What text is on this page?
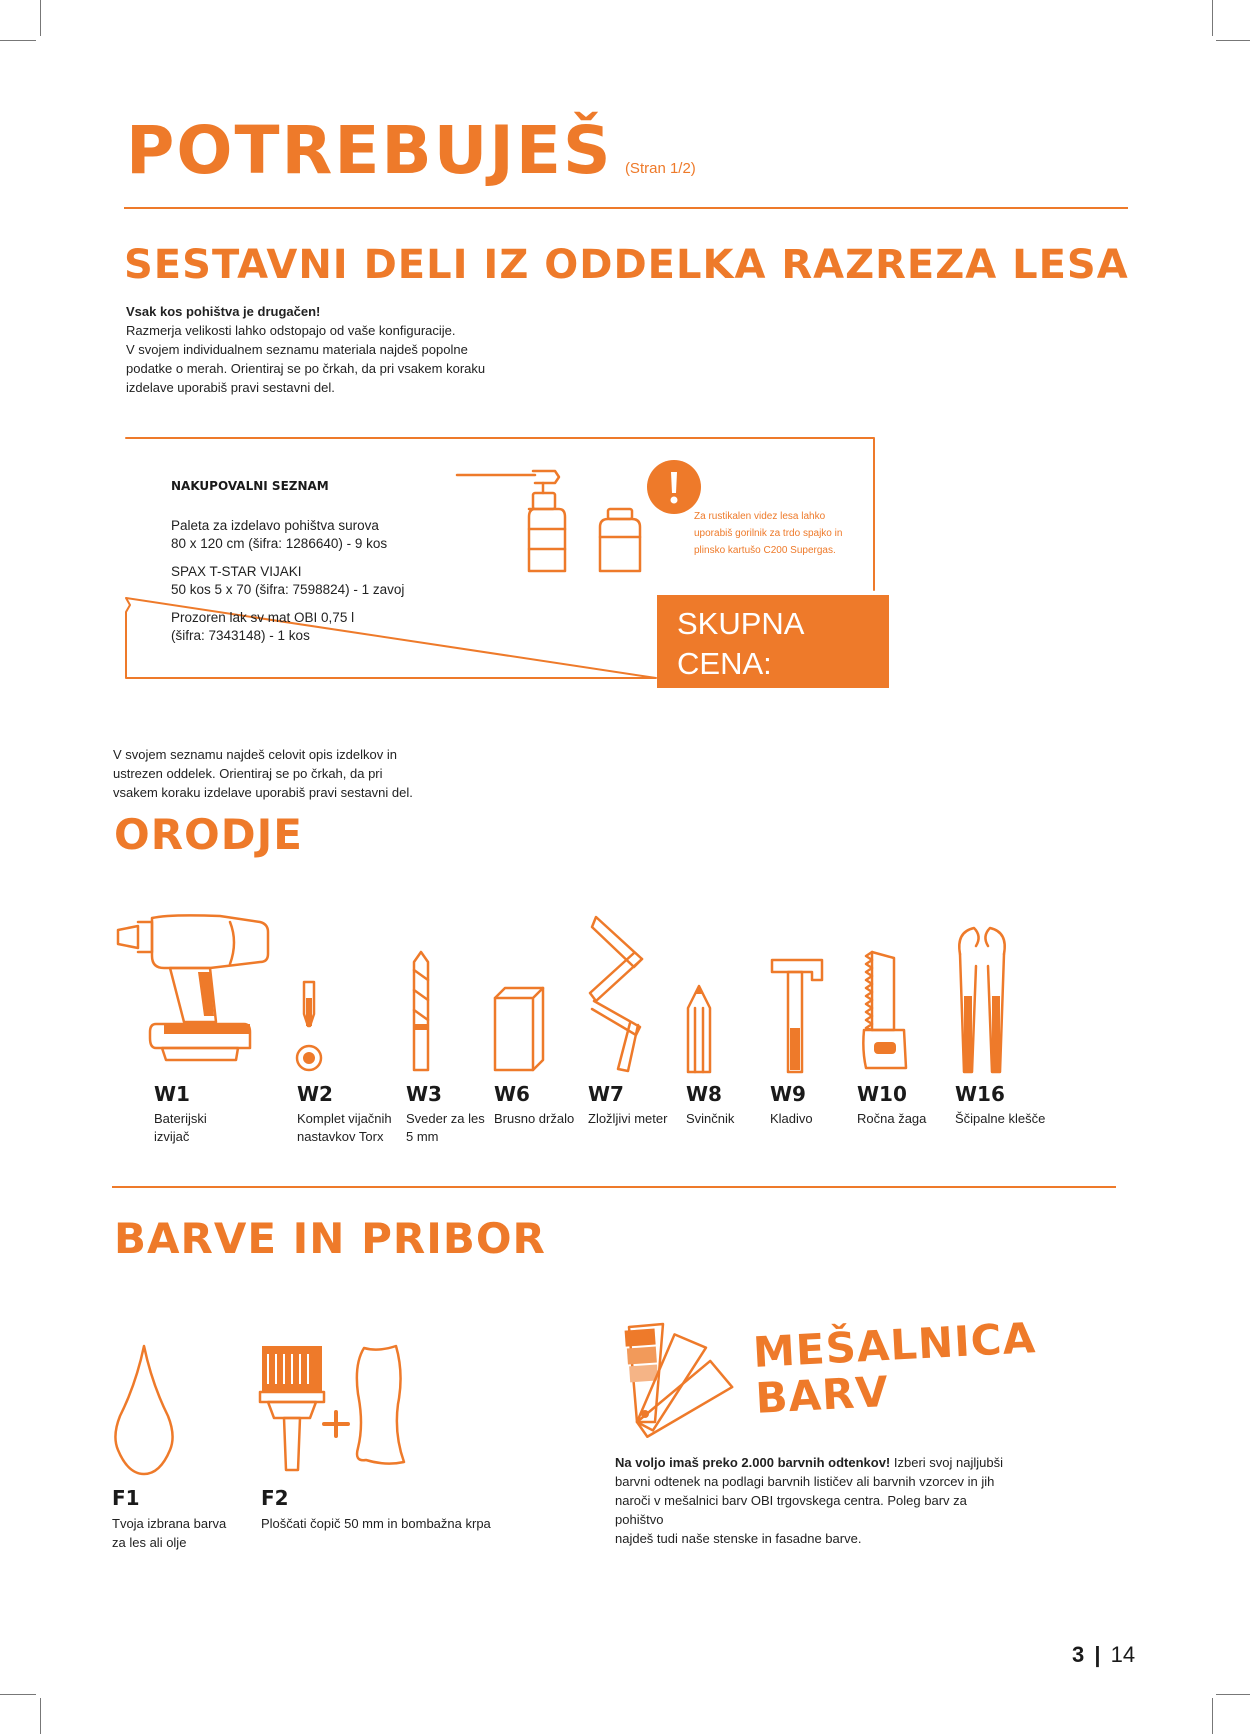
POTREBUJEŠ (Stran 1/2)
SESTAVNI DELI IZ ODDELKA RAZREZA LESA
Vsak kos pohištva je drugačen!
Razmerja velikosti lahko odstopajo od vaše konfiguracije.
V svojem individualnem seznamu materiala najdeš popolne
podatke o merah. Orientiraj se po črkah, da pri vsakem koraku
izdelave uporabiš pravi sestavni del.
NAKUPOVALNI SEZNAM
Paleta za izdelavo pohištva surova
80 x 120 cm (šifra: 1286640) - 9 kos
SPAX T-STAR VIJAKI
50 kos 5 x 70 (šifra: 7598824) - 1 zavoj
Prozoren lak sv mat OBI 0,75 l
(šifra: 7343148) - 1 kos
Za rustikalen videz lesa lahko
uporabiš gorilnik za trdo spajko in
plinsko kartušo C200 Supergas.
SKUPNA CENA:
od 181 EUR
V svojem seznamu najdeš celovit opis izdelkov in
ustrezen oddelek. Orientiraj se po črkah, da pri
vsakem koraku izdelave uporabiš pravi sestavni del.
ORODJE
W1
Baterijski
izvijač
W2
Komplet vijačnih
nastavkov Torx
W3
Sveder za les
5 mm
W6
Brusno držalo
W7
Zložljivi meter
W8
Svinčnik
W9
Kladivo
W10
Ročna žaga
W16
Ščipalne klešče
BARVE IN PRIBOR
F1
Tvoja izbrana barva
za les ali olje
F2
Ploščati čopič 50 mm in bombažna krpa
MEŠALNICA
BARV
Na voljo imaš preko 2.000 barvnih odtenkov! Izberi svoj najljubši
barvni odtenek na podlagi barvnih lističev ali barvnih vzorcev in jih
naroči v mešalnici barv OBI trgovskega centra. Poleg barv za pohištvo
najdeš tudi naše stenske in fasadne barve.
3 | 14
